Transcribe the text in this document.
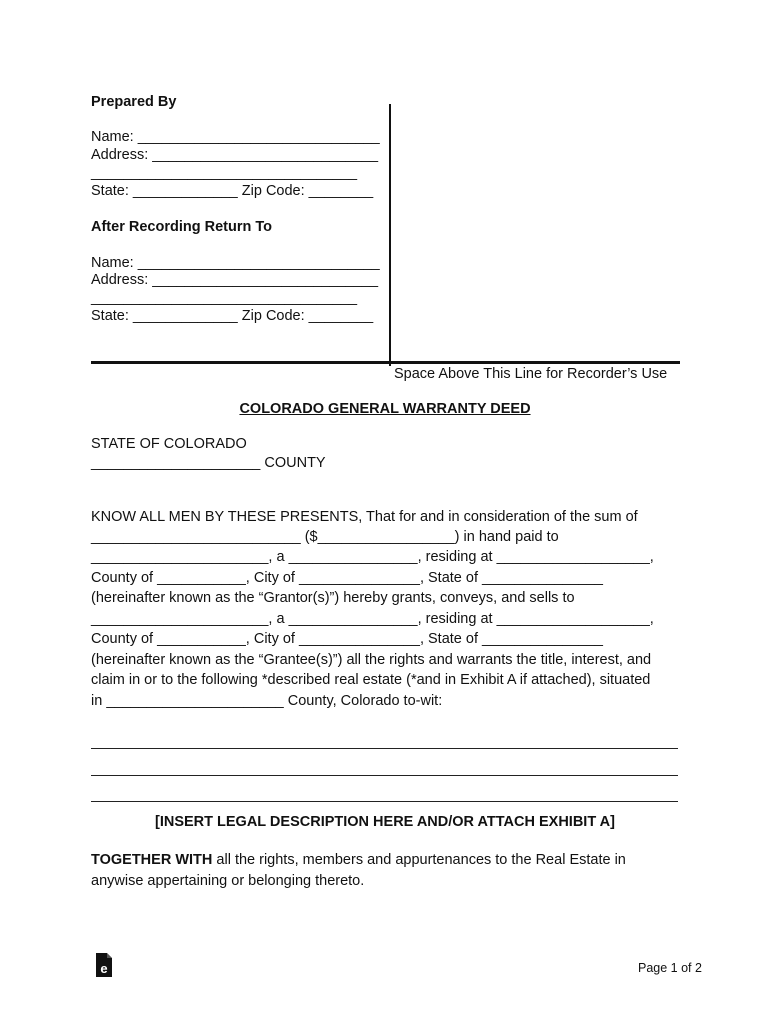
Prepared By
Name: ______________________________
Address: ____________________________
_________________________________
State: _____________ Zip Code: ________
After Recording Return To
Name: ______________________________
Address: ____________________________
_________________________________
State: _____________ Zip Code: ________
Space Above This Line for Recorder’s Use
COLORADO GENERAL WARRANTY DEED
STATE OF COLORADO
_____________________ COUNTY
KNOW ALL MEN BY THESE PRESENTS, That for and in consideration of the sum of
__________________________ ($_________________) in hand paid to
______________________, a ________________, residing at ___________________,
County of ___________, City of _______________, State of _______________
(hereinafter known as the “Grantor(s)”) hereby grants, conveys, and sells to
______________________, a ________________, residing at ___________________,
County of ___________, City of _______________, State of _______________
(hereinafter known as the “Grantee(s)”) all the rights and warrants the title, interest, and
claim in or to the following *described real estate (*and in Exhibit A if attached), situated
in ______________________ County, Colorado to-wit:
[INSERT LEGAL DESCRIPTION HERE AND/OR ATTACH EXHIBIT A]
TOGETHER WITH all the rights, members and appurtenances to the Real Estate in
anywise appertaining or belonging thereto.
e	Page 1 of 2
